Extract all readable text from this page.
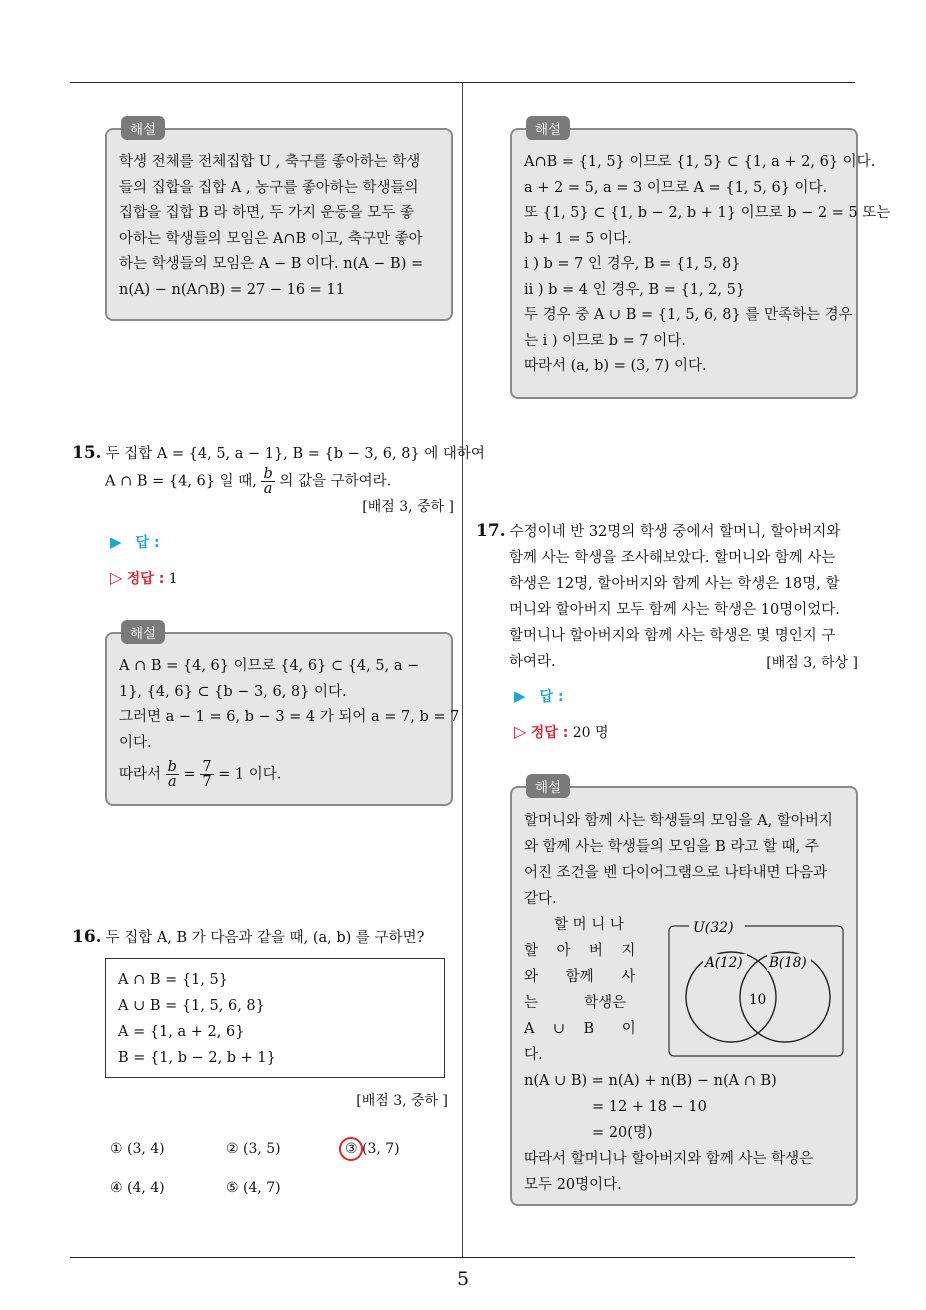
5
해설
학생 전체를 전체집합 U , 축구를 좋아하는 학생
들의 집합을 집합 A , 농구를 좋아하는 학생들의
집합을 집합 B 라 하면, 두 가지 운동을 모두 좋
아하는 학생들의 모임은 A∩B 이고, 축구만 좋아
하는 학생들의 모임은 A − B 이다. n(A − B) =
n(A) − n(A∩B) = 27 − 16 = 11
15. 두 집합 A = {4, 5, a − 1}, B = {b − 3, 6, 8} 에 대하여
A ∩ B = {4, 6} 일 때, $\frac{b}{a}$ 의 값을 구하여라.
[배점 3, 중하 ]
▶ 답 :
▷ 정답 : 1
해설
A ∩ B = {4, 6} 이므로 {4, 6} ⊂ {4, 5, a −
1}, {4, 6} ⊂ {b − 3, 6, 8} 이다.
그러면 a − 1 = 6, b − 3 = 4 가 되어 a = 7, b = 7
이다.
따라서 $\frac{b}{a} = \frac{7}{7} = 1$ 이다.
16. 두 집합 A, B 가 다음과 같을 때, (a, b) 를 구하면?
A ∩ B = {1, 5}
A ∪ B = {1, 5, 6, 8}
A = {1, a + 2, 6}
B = {1, b − 2, b + 1}
[배점 3, 중하 ]
① (3, 4)	② (3, 5)	③ (3, 7)
④ (4, 4)	⑤ (4, 7)
해설
A∩B = {1, 5} 이므로 {1, 5} ⊂ {1, a + 2, 6} 이다.
a + 2 = 5, a = 3 이므로 A = {1, 5, 6} 이다.
또 {1, 5} ⊂ {1, b − 2, b + 1} 이므로 b − 2 = 5 또는
b + 1 = 5 이다.
i ) b = 7 인 경우, B = {1, 5, 8}
ii ) b = 4 인 경우, B = {1, 2, 5}
두 경우 중 A ∪ B = {1, 5, 6, 8} 를 만족하는 경우
는 i ) 이므로 b = 7 이다.
따라서 (a, b) = (3, 7) 이다.
17. 수정이네 반 32명의 학생 중에서 할머니, 할아버지와
함께 사는 학생을 조사해보았다. 할머니와 함께 사는
학생은 12명, 할아버지와 함께 사는 학생은 18명, 할
머니와 할아버지 모두 함께 사는 학생은 10명이었다.
할머니나 할아버지와 함께 사는 학생은 몇 명인지 구
하여라.	[배점 3, 하상 ]
▶ 답 :
▷ 정답 : 20 명
해설
할머니와 함께 사는 학생들의 모임을 A, 할아버지
와 함께 사는 학생들의 모임을 B 라고 할 때, 주
어진 조건을 벤 다이어그램으로 나타내면 다음과
같다.
할 머 니 나
할    아    버    지
와      함께      사
는          학생은
A    ∪    B      이
다.
U(32)
A(12) B(18)
10
n(A ∪ B) = n(A) + n(B) − n(A ∩ B)
= 12 + 18 − 10
= 20(명)
따라서 할머니나 할아버지와 함께 사는 학생은
모두 20명이다.
